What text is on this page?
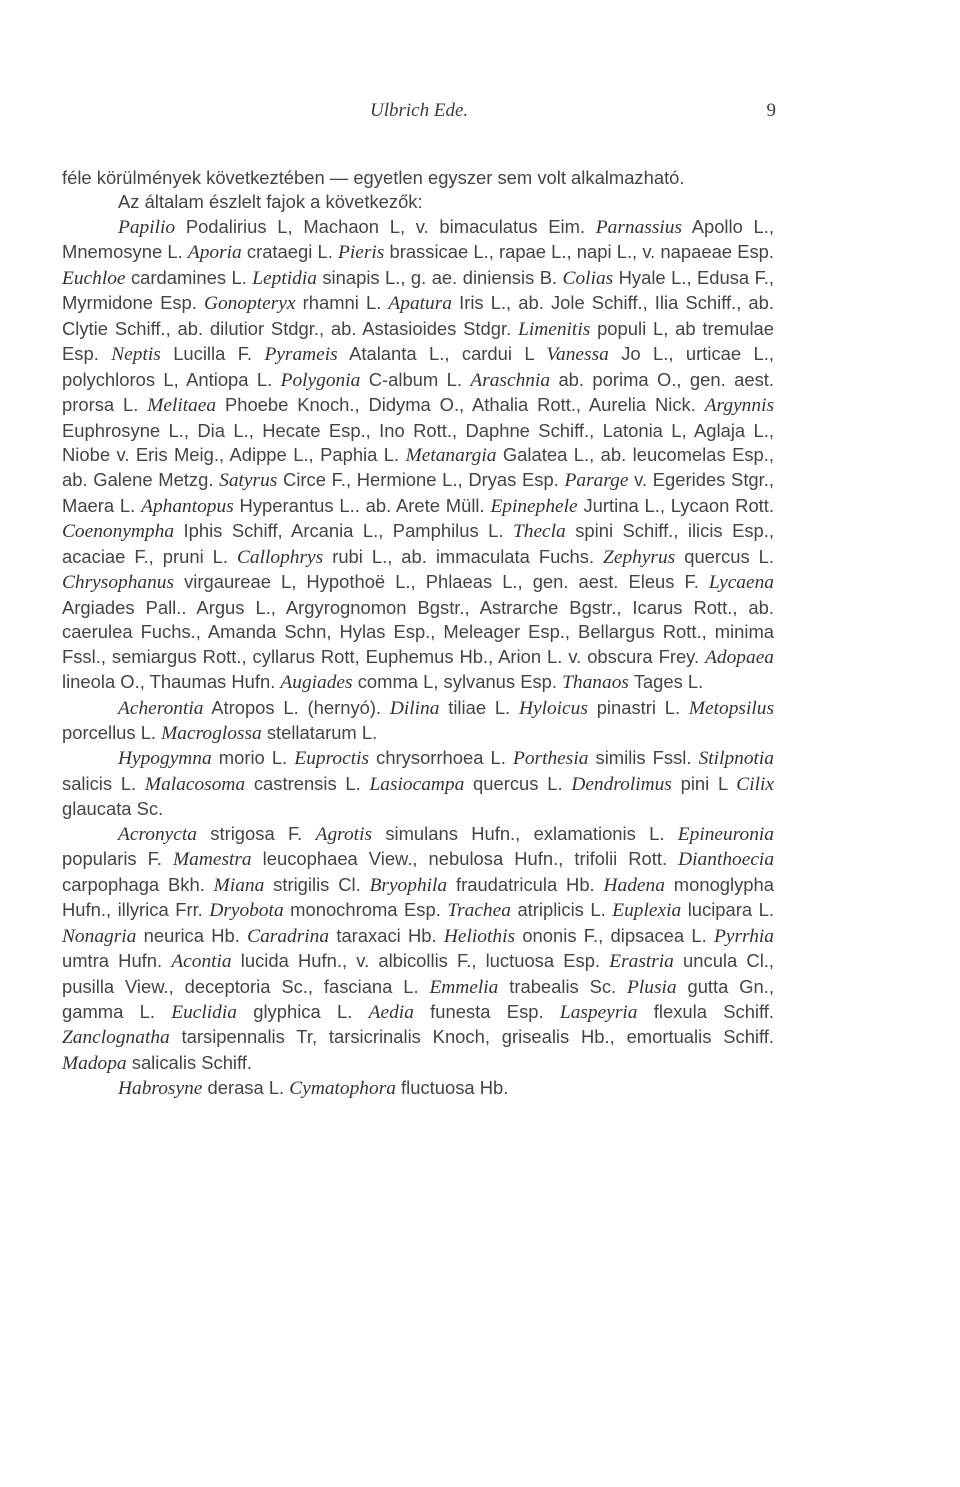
Ulbrich Ede.	9

féle körülmények következtében — egyetlen egyszer sem volt alkalmazható.

Az általam észlelt fajok a következők:

Papilio Podalirius L, Machaon L, v. bimaculatus Eim. Parnassius Apollo L., Mnemosyne L. Aporia crataegi L. Pieris brassicae L., rapae L., napi L., v. napaeae Esp. Euchloe cardamines L. Leptidia sinapis L., g. ae. diniensis B. Colias Hyale L., Edusa F., Myrmidone Esp. Gonopteryx rhamni L. Apatura Iris L., ab. Jole Schiff., Ilia Schiff., ab. Clytie Schiff., ab. dilutior Stdgr., ab. Astasioides Stdgr. Limenitis populi L, ab tremulae Esp. Neptis Lucilla F. Pyrameis Atalanta L., cardui L Vanessa Jo L., urticae L., polychloros L, Antiopa L. Polygonia C-album L. Araschnia ab. porima O., gen. aest. prorsa L. Melitaea Phoebe Knoch., Didyma O., Athalia Rott., Aurelia Nick. Argynnis Euphrosyne L., Dia L., Hecate Esp., Ino Rott., Daphne Schiff., Latonia L, Aglaja L., Niobe v. Eris Meig., Adippe L., Paphia L. Metanargia Galatea L., ab. leucomelas Esp., ab. Galene Metzg. Satyrus Circe F., Hermione L., Dryas Esp. Pararge v. Egerides Stgr., Maera L. Aphantopus Hyperantus L.. ab. Arete Müll. Epinephele Jurtina L., Lycaon Rott. Coenonympha Iphis Schiff, Arcania L., Pamphilus L. Thecla spini Schiff., ilicis Esp., acaciae F., pruni L. Callophrys rubi L., ab. immaculata Fuchs. Zephyrus quercus L. Chrysophanus virgaureae L, Hypothoë L., Phlaeas L., gen. aest. Eleus F. Lycaena Argiades Pall.. Argus L., Argyrognomon Bgstr., Astrarche Bgstr., Icarus Rott., ab. caerulea Fuchs., Amanda Schn, Hylas Esp., Meleager Esp., Bellargus Rott., minima Fssl., semiargus Rott., cyllarus Rott, Euphemus Hb., Arion L. v. obscura Frey. Adopaea lineola O., Thaumas Hufn. Augiades comma L, sylvanus Esp. Thanaos Tages L.

Acherontia Atropos L. (hernyó). Dilina tiliae L. Hyloicus pinastri L. Metopsilus porcellus L. Macroglossa stellatarum L.

Hypogymna morio L. Euproctis chrysorrhoea L. Porthesia similis Fssl. Stilpnotia salicis L. Malacosoma castrensis L. Lasiocampa quercus L. Dendrolimus pini L Cilix glaucata Sc.

Acronycta strigosa F. Agrotis simulans Hufn., exlamationis L. Epineuronia popularis F. Mamestra leucophaea View., nebulosa Hufn., trifolii Rott. Dianthoecia carpophaga Bkh. Miana strigilis Cl. Bryophila fraudatricula Hb. Hadena monoglypha Hufn., illyrica Frr. Dryobota monochroma Esp. Trachea atriplicis L. Euplexia lucipara L. Nonagria neurica Hb. Caradrina taraxaci Hb. Heliothis ononis F., dipsacea L. Pyrrhia umtra Hufn. Acontia lucida Hufn., v. albicollis F., luctuosa Esp. Erastria uncula Cl., pusilla View., deceptoria Sc., fasciana L. Emmelia trabealis Sc. Plusia gutta Gn., gamma L. Euclidia glyphica L. Aedia funesta Esp. Laspeyria flexula Schiff. Zanclognatha tarsipennalis Tr, tarsicrinalis Knoch, grisealis Hb., emortualis Schiff. Madopa salicalis Schiff.

Habrosyne derasa L. Cymatophora fluctuosa Hb.
